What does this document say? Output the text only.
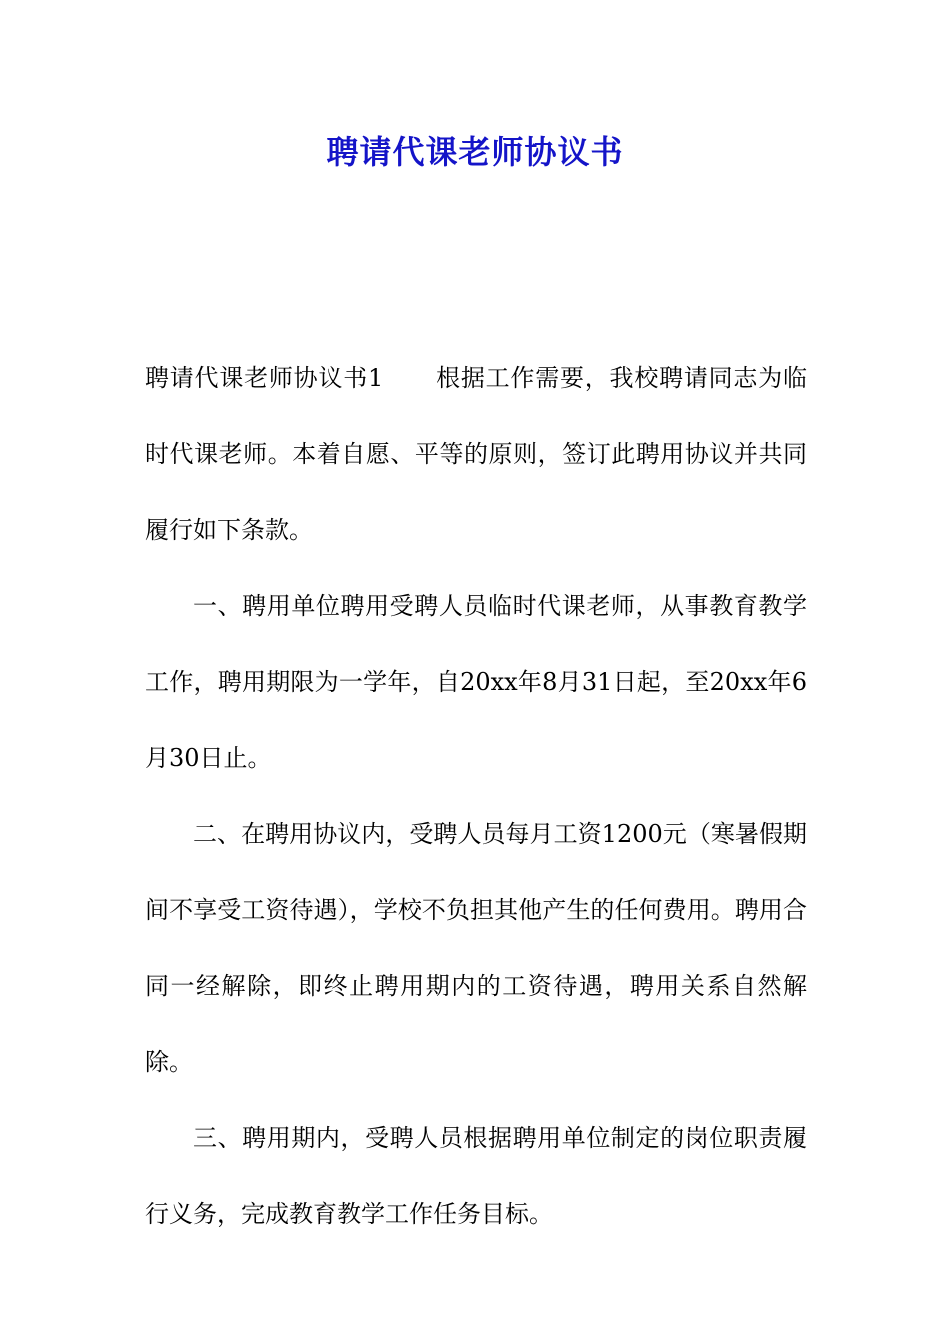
聘请代课老师协议书

聘请代课老师协议书1 根据工作需要，我校聘请同志为临时代课老师。本着自愿、平等的原则，签订此聘用协议并共同履行如下条款。

一、聘用单位聘用受聘人员临时代课老师，从事教育教学工作，聘用期限为一学年，自20xx年8月31日起，至20xx年6月30日止。

二、在聘用协议内，受聘人员每月工资1200元（寒暑假期间不享受工资待遇），学校不负担其他产生的任何费用。聘用合同一经解除，即终止聘用期内的工资待遇，聘用关系自然解除。

三、聘用期内，受聘人员根据聘用单位制定的岗位职责履行义务，完成教育教学工作任务目标。
